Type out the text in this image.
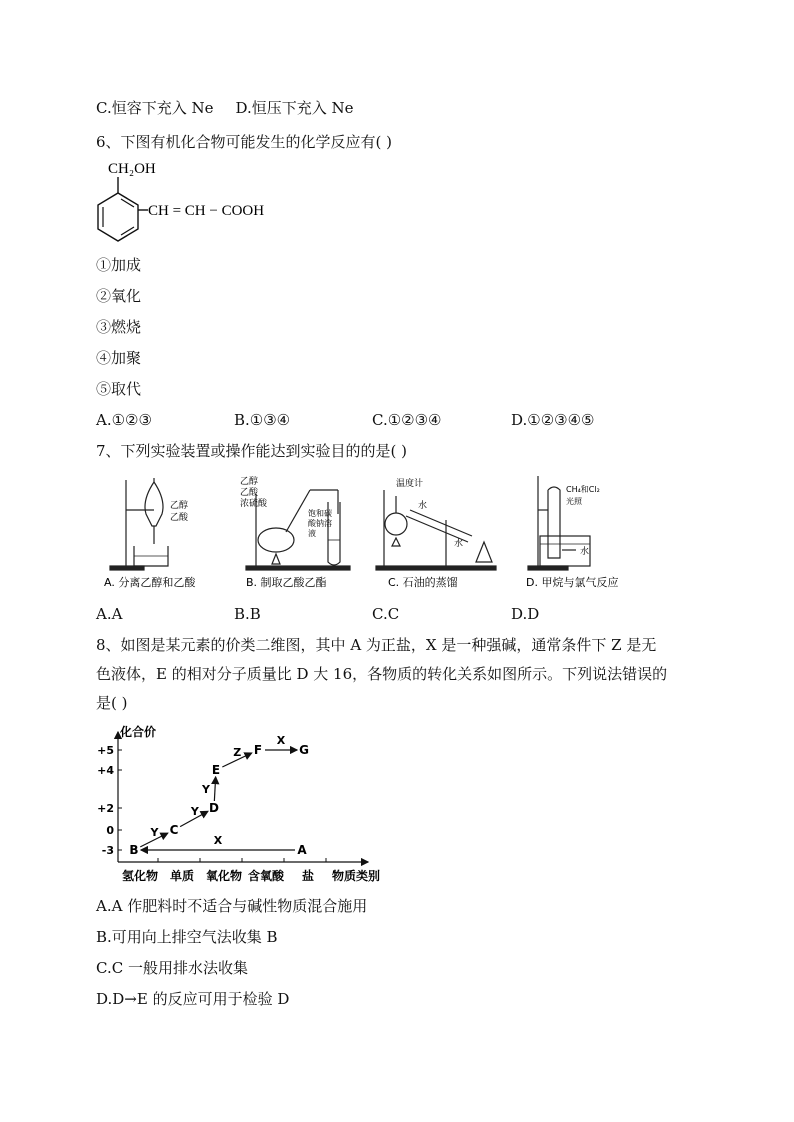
C.恒容下充入 Ne D.恒压下充入 Ne
6、下图有机化合物可能发生的化学反应有( )
CH₂OH
CH = CH − COOH
①加成
②氧化
③燃烧
④加聚
⑤取代
A.①②③	B.①③④	C.①②③④	D.①②③④⑤
7、下列实验装置或操作能达到实验目的的是( )
乙醇
乙酸
A. 分离乙醇和乙酸
乙醇
乙酸
浓硫酸
饱和碳
酸钠溶
液
B. 制取乙酸乙酯
温度计
水
水
C. 石油的蒸馏
CH₄和Cl₂
光照
水
D. 甲烷与氯气反应
A.A	B.B	C.C	D.D
8、如图是某元素的价类二维图，其中 A 为正盐，X 是一种强碱，通常条件下 Z 是无
色液体，E 的相对分子质量比 D 大 16，各物质的转化关系如图所示。下列说法错误的
是( )
化合价
物质类别
+5
+4
+2
0
-3
氢化物 单质 氧化物 含氧酸 盐
X
Y
Y
Y
Z
X
B
C
D
E
F	G
A
A.A 作肥料时不适合与碱性物质混合施用
B.可用向上排空气法收集 B
C.C 一般用排水法收集
D.D→E 的反应可用于检验 D
